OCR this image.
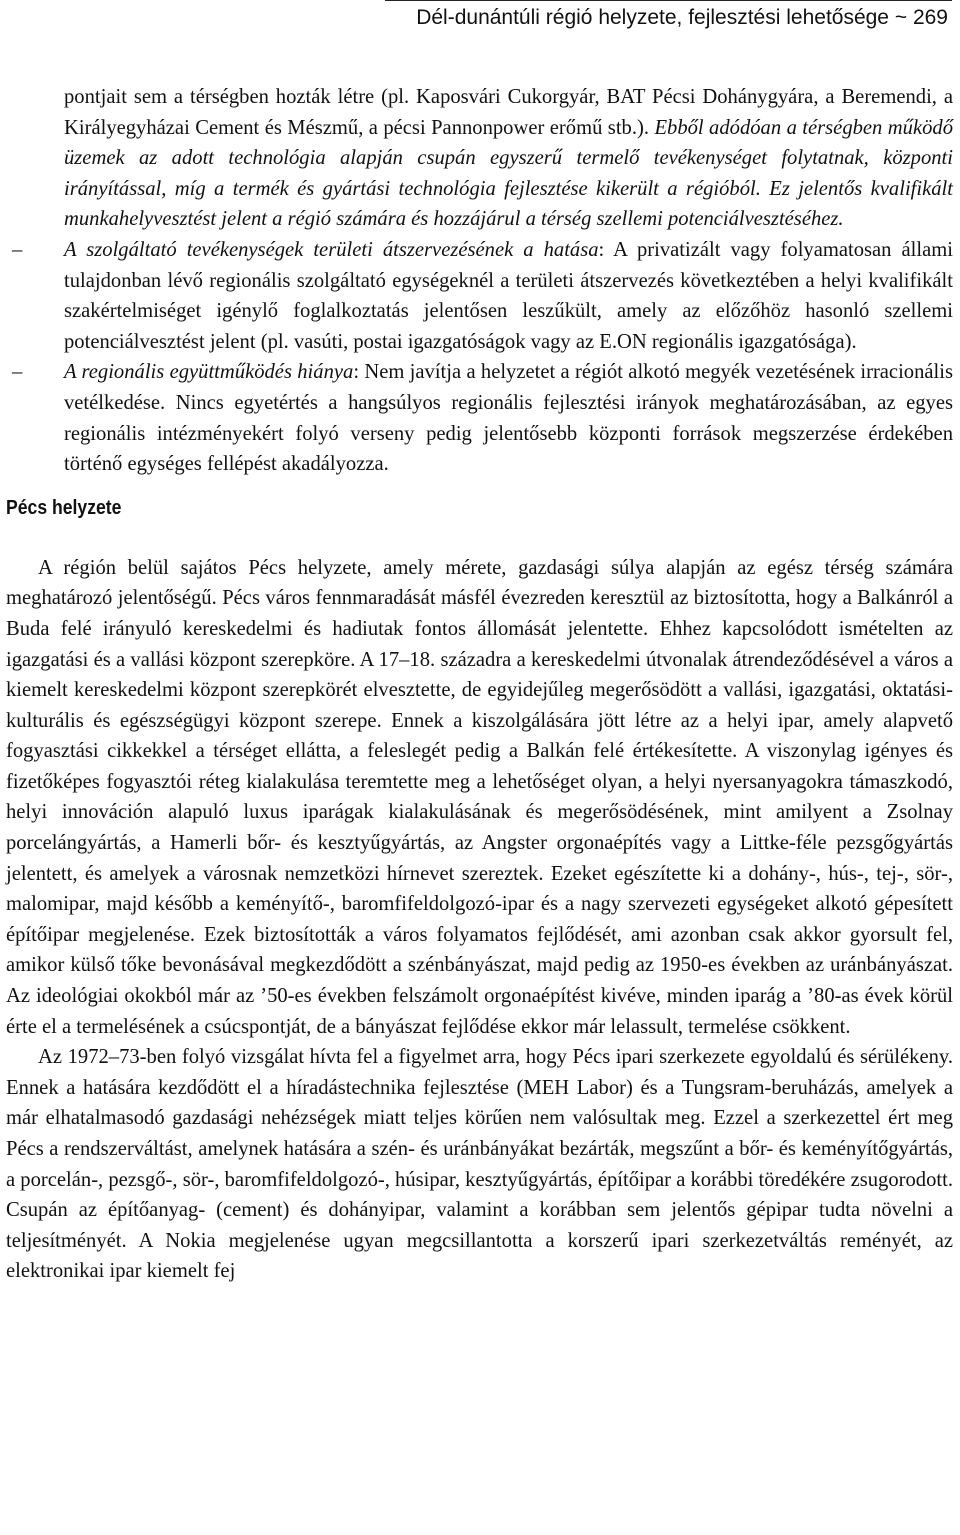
Dél-dunántúli régió helyzete, fejlesztési lehetősége ~ 269

pontjait sem a térségben hozták létre (pl. Kaposvári Cukorgyár, BAT Pécsi Dohánygyára, a Beremendi, a Királyegyházai Cement és Mészmű, a pécsi Pannonpower erőmű stb.). Ebből adódóan a térségben működő üzemek az adott technológia alapján csupán egyszerű termelő tevékenységet folytatnak, központi irányítással, míg a termék és gyártási technológia fejlesztése kikerült a régióból. Ez jelentős kvalifikált munkahelyvesztést jelent a régió számára és hozzájárul a térség szellemi potenciálvesztéséhez.

– A szolgáltató tevékenységek területi átszervezésének a hatása: A privatizált vagy folyamatosan állami tulajdonban lévő regionális szolgáltató egységeknél a területi átszervezés következtében a helyi kvalifikált szakértelmiséget igénylő foglalkoztatás jelentősen leszűkült, amely az előzőhöz hasonló szellemi potenciálvesztést jelent (pl. vasúti, postai igazgatóságok vagy az E.ON regionális igazgatósága).

– A regionális együttműködés hiánya: Nem javítja a helyzetet a régiót alkotó megyék vezetésének irracionális vetélkedése. Nincs egyetértés a hangsúlyos regionális fejlesztési irányok meghatározásában, az egyes regionális intézményekért folyó verseny pedig jelentősebb központi források megszerzése érdekében történő egységes fellépést akadályozza.

Pécs helyzete

A régión belül sajátos Pécs helyzete, amely mérete, gazdasági súlya alapján az egész térség számára meghatározó jelentőségű. Pécs város fennmaradását másfél évezreden keresztül az biztosította, hogy a Balkánról a Buda felé irányuló kereskedelmi és hadiutak fontos állomását jelentette. Ehhez kapcsolódott ismételten az igazgatási és a vallási központ szerepköre. A 17–18. századra a kereskedelmi útvonalak átrendeződésével a város a kiemelt kereskedelmi központ szerepkörét elvesztette, de egyidejűleg megerősödött a vallási, igazgatási, oktatási-kulturális és egészségügyi központ szerepe. Ennek a kiszolgálására jött létre az a helyi ipar, amely alapvető fogyasztási cikkekkel a térséget ellátta, a feleslegét pedig a Balkán felé értékesítette. A viszonylag igényes és fizetőképes fogyasztói réteg kialakulása teremtette meg a lehetőséget olyan, a helyi nyersanyagokra támaszkodó, helyi innováción alapuló luxus iparágak kialakulásának és megerősödésének, mint amilyent a Zsolnay porcelángyártás, a Hamerli bőr- és kesztyűgyártás, az Angster orgonaépítés vagy a Littke-féle pezsgőgyártás jelentett, és amelyek a városnak nemzetközi hírnevet szereztek. Ezeket egészítette ki a dohány-, hús-, tej-, sör-, malomipar, majd később a keményítő-, baromfifeldolgozó-ipar és a nagy szervezeti egységeket alkotó gépesített építőipar megjelenése. Ezek biztosították a város folyamatos fejlődését, ami azonban csak akkor gyorsult fel, amikor külső tőke bevonásával megkezdődött a szénbányászat, majd pedig az 1950-es években az uránbányászat. Az ideológiai okokból már az ’50-es években felszámolt orgonaépítést kivéve, minden iparág a ’80-as évek körül érte el a termelésének a csúcspontját, de a bányászat fejlődése ekkor már lelassult, termelése csökkent.

Az 1972–73-ben folyó vizsgálat hívta fel a figyelmet arra, hogy Pécs ipari szerkezete egyoldalú és sérülékeny. Ennek a hatására kezdődött el a híradástechnika fejlesztése (MEH Labor) és a Tungsram-beruházás, amelyek a már elhatalmasodó gazdasági nehézségek miatt teljes körűen nem valósultak meg. Ezzel a szerkezettel ért meg Pécs a rendszerváltást, amelynek hatására a szén- és uránbányákat bezárták, megszűnt a bőr- és keményítőgyártás, a porcelán-, pezsgő-, sör-, baromfifeldolgozó-, húsipar, kesztyűgyártás, építőipar a korábbi töredékére zsugorodott. Csupán az építőanyag- (cement) és dohányipar, valamint a korábban sem jelentős gépipar tudta növelni a teljesítményét. A Nokia megjelenése ugyan megcsillantotta a korszerű ipari szerkezetváltás reményét, az elektronikai ipar kiemelt fej
